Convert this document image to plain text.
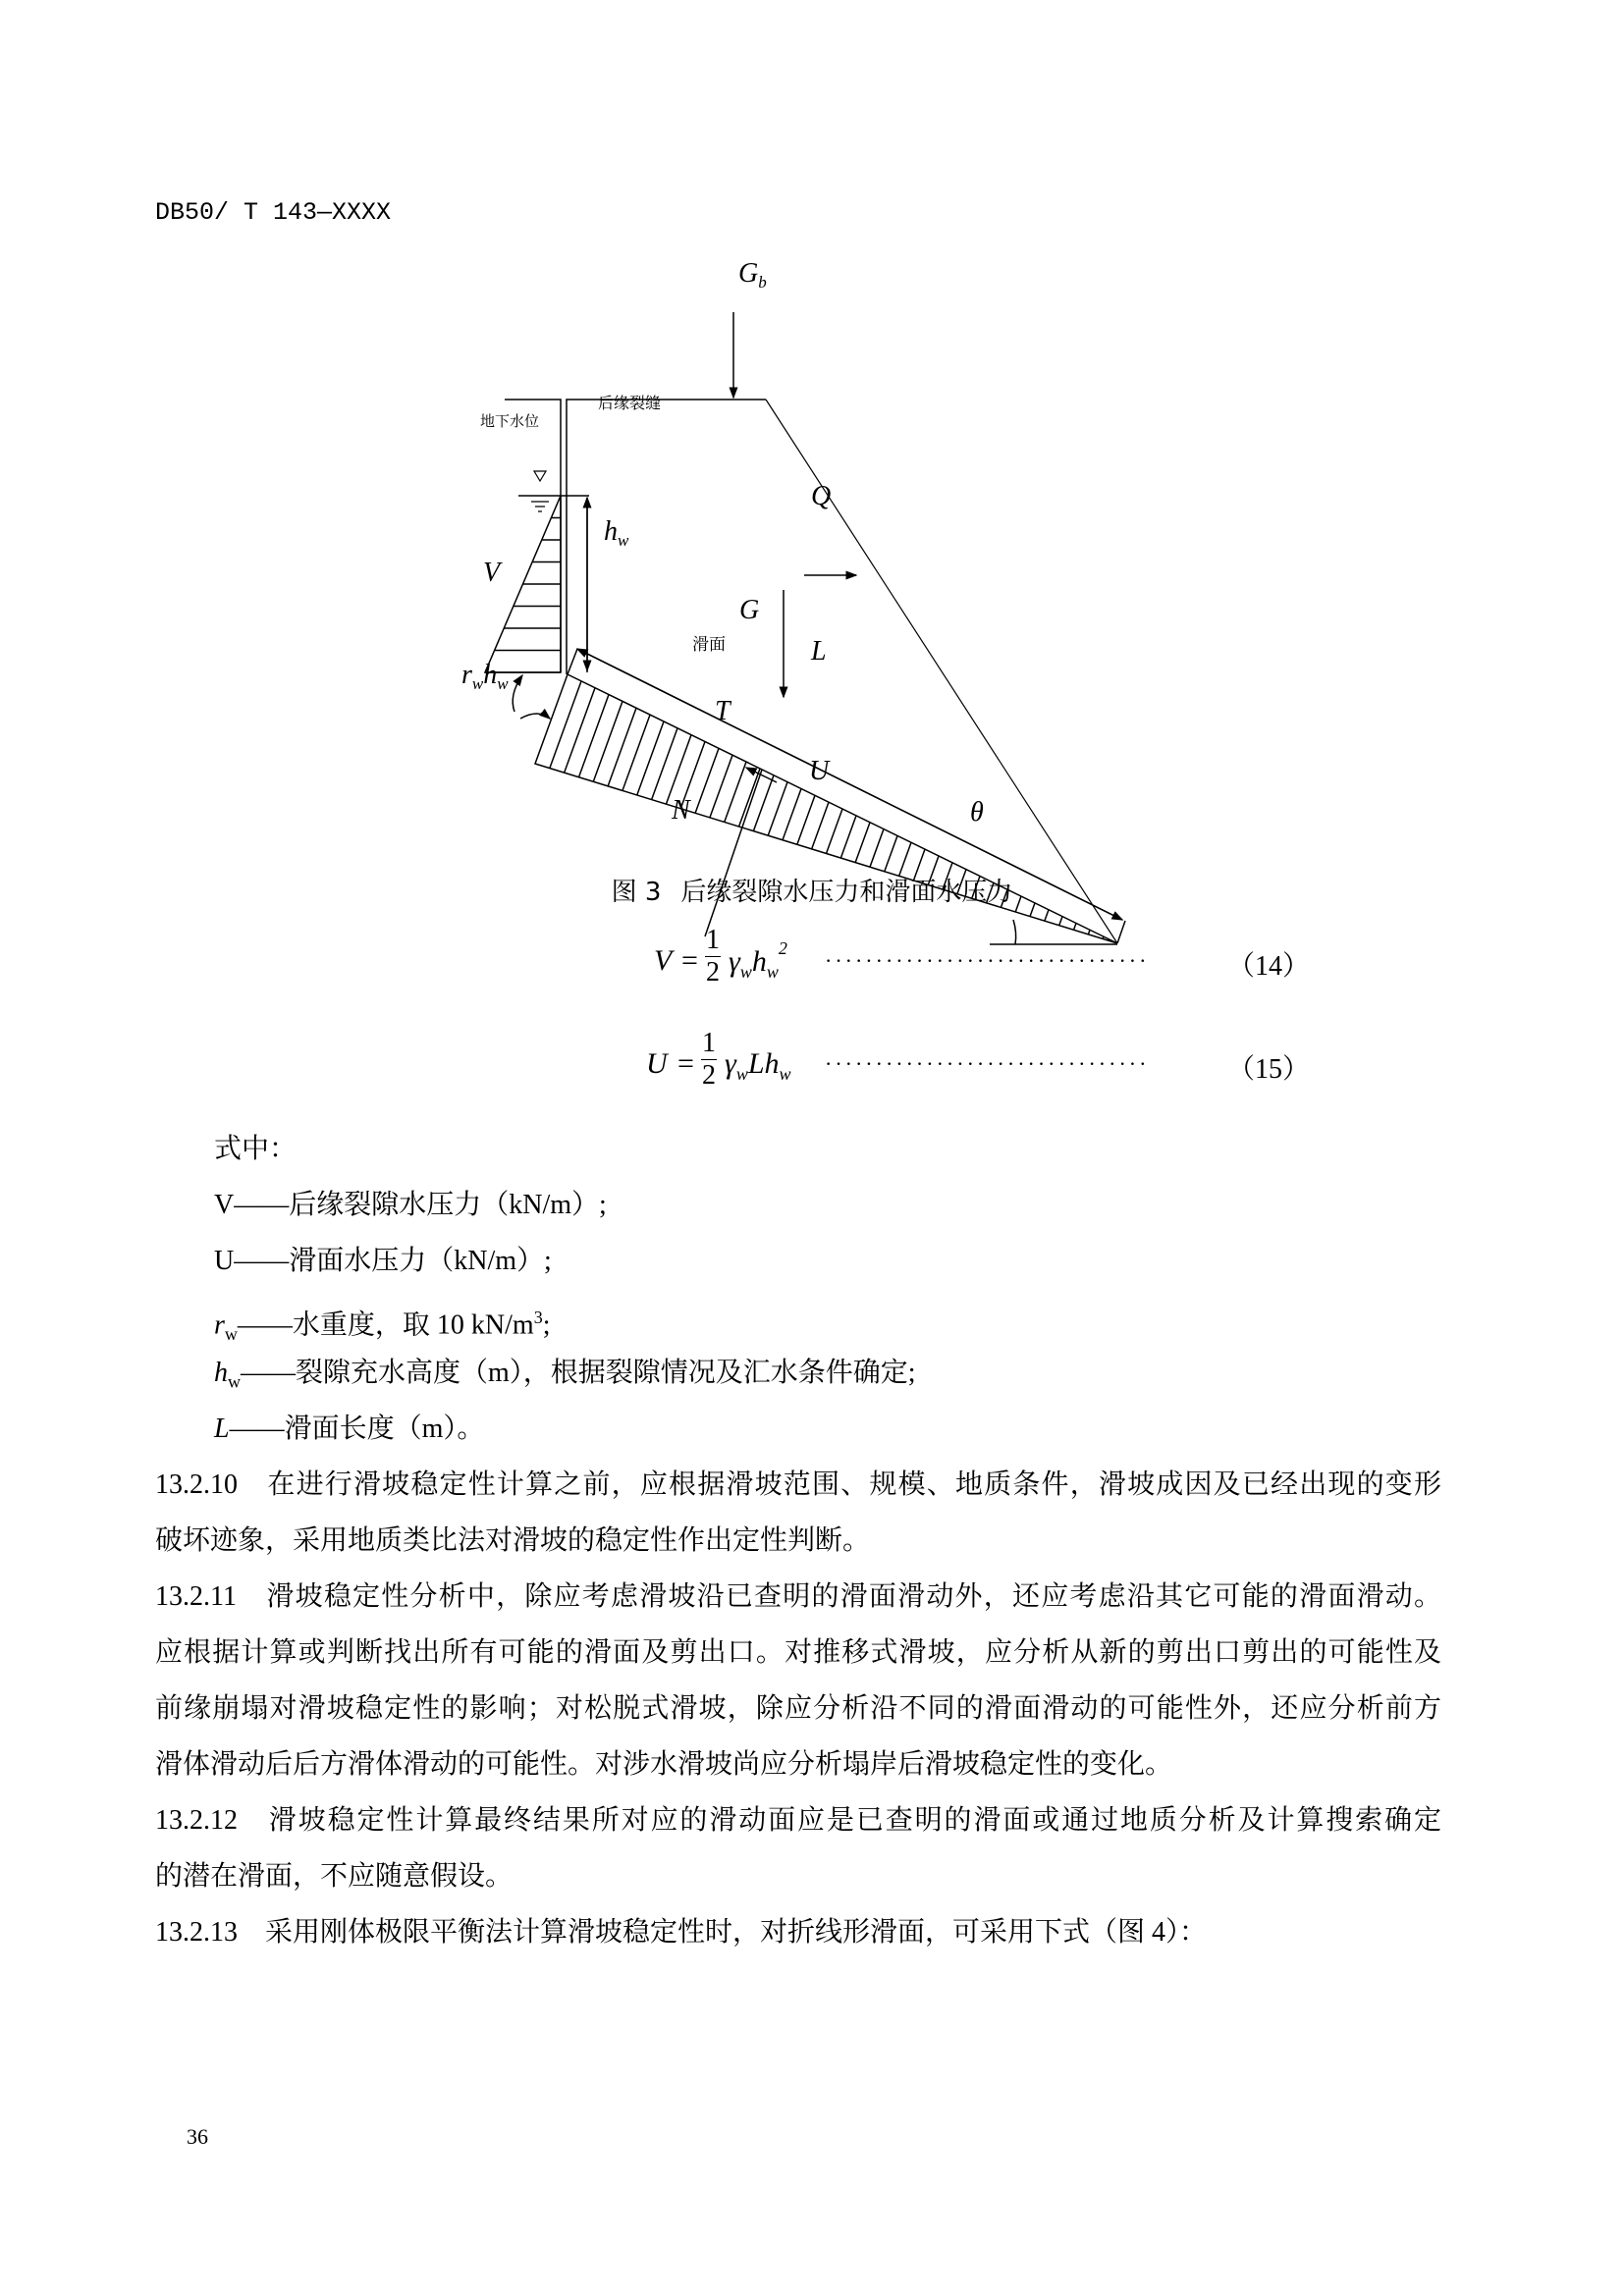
DB50/ T 143—XXXX
$G_b$
后缘裂缝
地下水位
$h_w$
V
Q
G
滑面	L
$r_wh_w$
T
U
N	θ
图 3 后缘裂隙水压力和滑面水压力
V =
1
2 $\gamma_wh_w^2$ ································	（14）
U =
1
2 $\gamma_wLh_w$ ································	（15）
式中：
V——后缘裂隙水压力（kN/m）;
U——滑面水压力（kN/m）;
$r_w——$水重度，取 10 $kN/m^3$;
$h_w——$裂隙充水高度（m），根据裂隙情况及汇水条件确定;
L——滑面长度（m）。
13.2.10　在进行滑坡稳定性计算之前，应根据滑坡范围、规模、地质条件，滑坡成因及已经出现的变形
破坏迹象，采用地质类比法对滑坡的稳定性作出定性判断。
13.2.11　滑坡稳定性分析中，除应考虑滑坡沿已查明的滑面滑动外，还应考虑沿其它可能的滑面滑动。
应根据计算或判断找出所有可能的滑面及剪出口。对推移式滑坡，应分析从新的剪出口剪出的可能性及
前缘崩塌对滑坡稳定性的影响；对松脱式滑坡，除应分析沿不同的滑面滑动的可能性外，还应分析前方
滑体滑动后后方滑体滑动的可能性。对涉水滑坡尚应分析塌岸后滑坡稳定性的变化。
13.2.12　滑坡稳定性计算最终结果所对应的滑动面应是已查明的滑面或通过地质分析及计算搜索确定
的潜在滑面，不应随意假设。
13.2.13　采用刚体极限平衡法计算滑坡稳定性时，对折线形滑面，可采用下式（图 4）：
36
